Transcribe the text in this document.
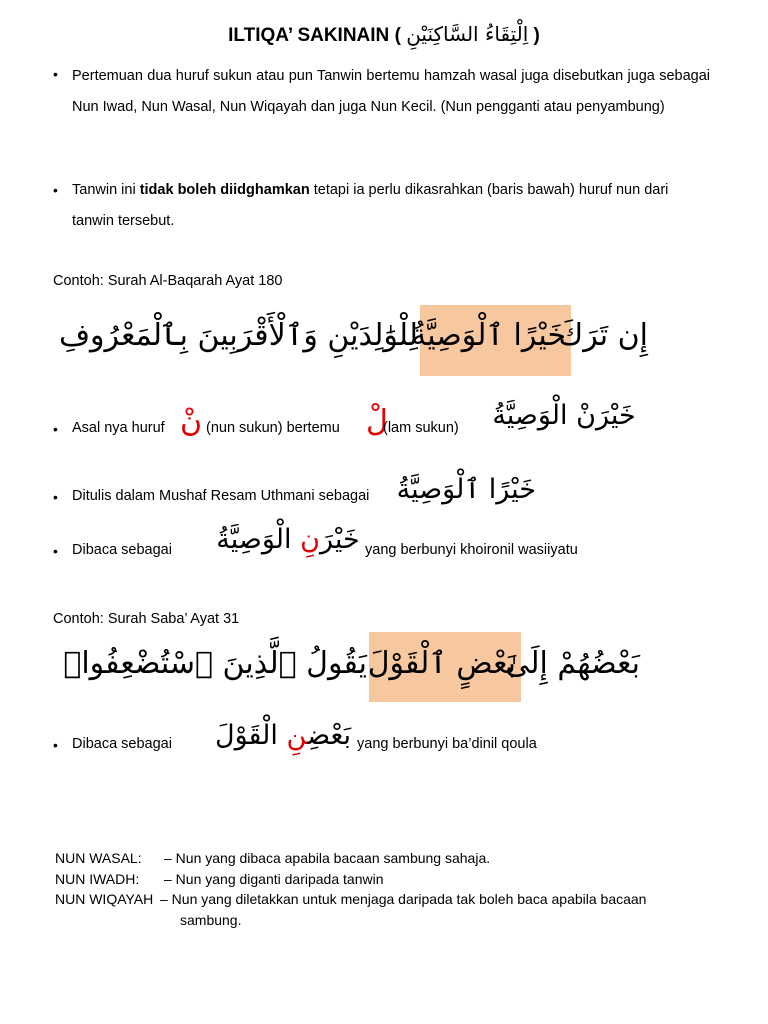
ILTIQA’ SAKINAIN ( اِلْتِقَاءُ السَّاكِنَيْنِ )
• Pertemuan dua huruf sukun atau pun Tanwin bertemu hamzah wasal juga disebutkan juga sebagai Nun Iwad, Nun Wasal, Nun Wiqayah dan juga Nun Kecil. (Nun pengganti atau penyambung)
• Tanwin ini tidak boleh diidghamkan tetapi ia perlu dikasrahkan (baris bawah) huruf nun dari tanwin tersebut.
Contoh: Surah Al-Baqarah Ayat 180
خَيْرًا ٱلْوَصِيَّةُ
إِن تَرَكَ
لِلْوَٰلِدَيْنِ وَٱلْأَقْرَبِينَ بِٱلْمَعْرُوفِ
• Asal nya huruf نْ (nun sukun) bertemu لْ
(lam sukun) خَيْرَنْ الْوَصِيَّةُ
• Ditulis dalam Mushaf Resam Uthmani sebagai خَيْرًا ٱلْوَصِيَّةُ
• Dibaca sebagai	خَيْرَنِ الْوَصِيَّةُ	yang berbunyi khoironil wasiiyatu
Contoh: Surah Saba’ Ayat 31
بَعْضٍ ٱلْقَوْلَ
بَعْضُهُمْ إِلَىٰ
يَقُولُ ٱلَّذِينَ ٱسْتُضْعِفُوا۟
• Dibaca sebagai	بَعْضِنِ الْقَوْلَ	yang berbunyi ba’dinil qoula
NUN WASAL: – Nun yang dibaca apabila bacaan sambung sahaja.
NUN IWADH: – Nun yang diganti daripada tanwin
NUN WIQAYAH – Nun yang diletakkan untuk menjaga daripada tak boleh baca apabila bacaan
sambung.
